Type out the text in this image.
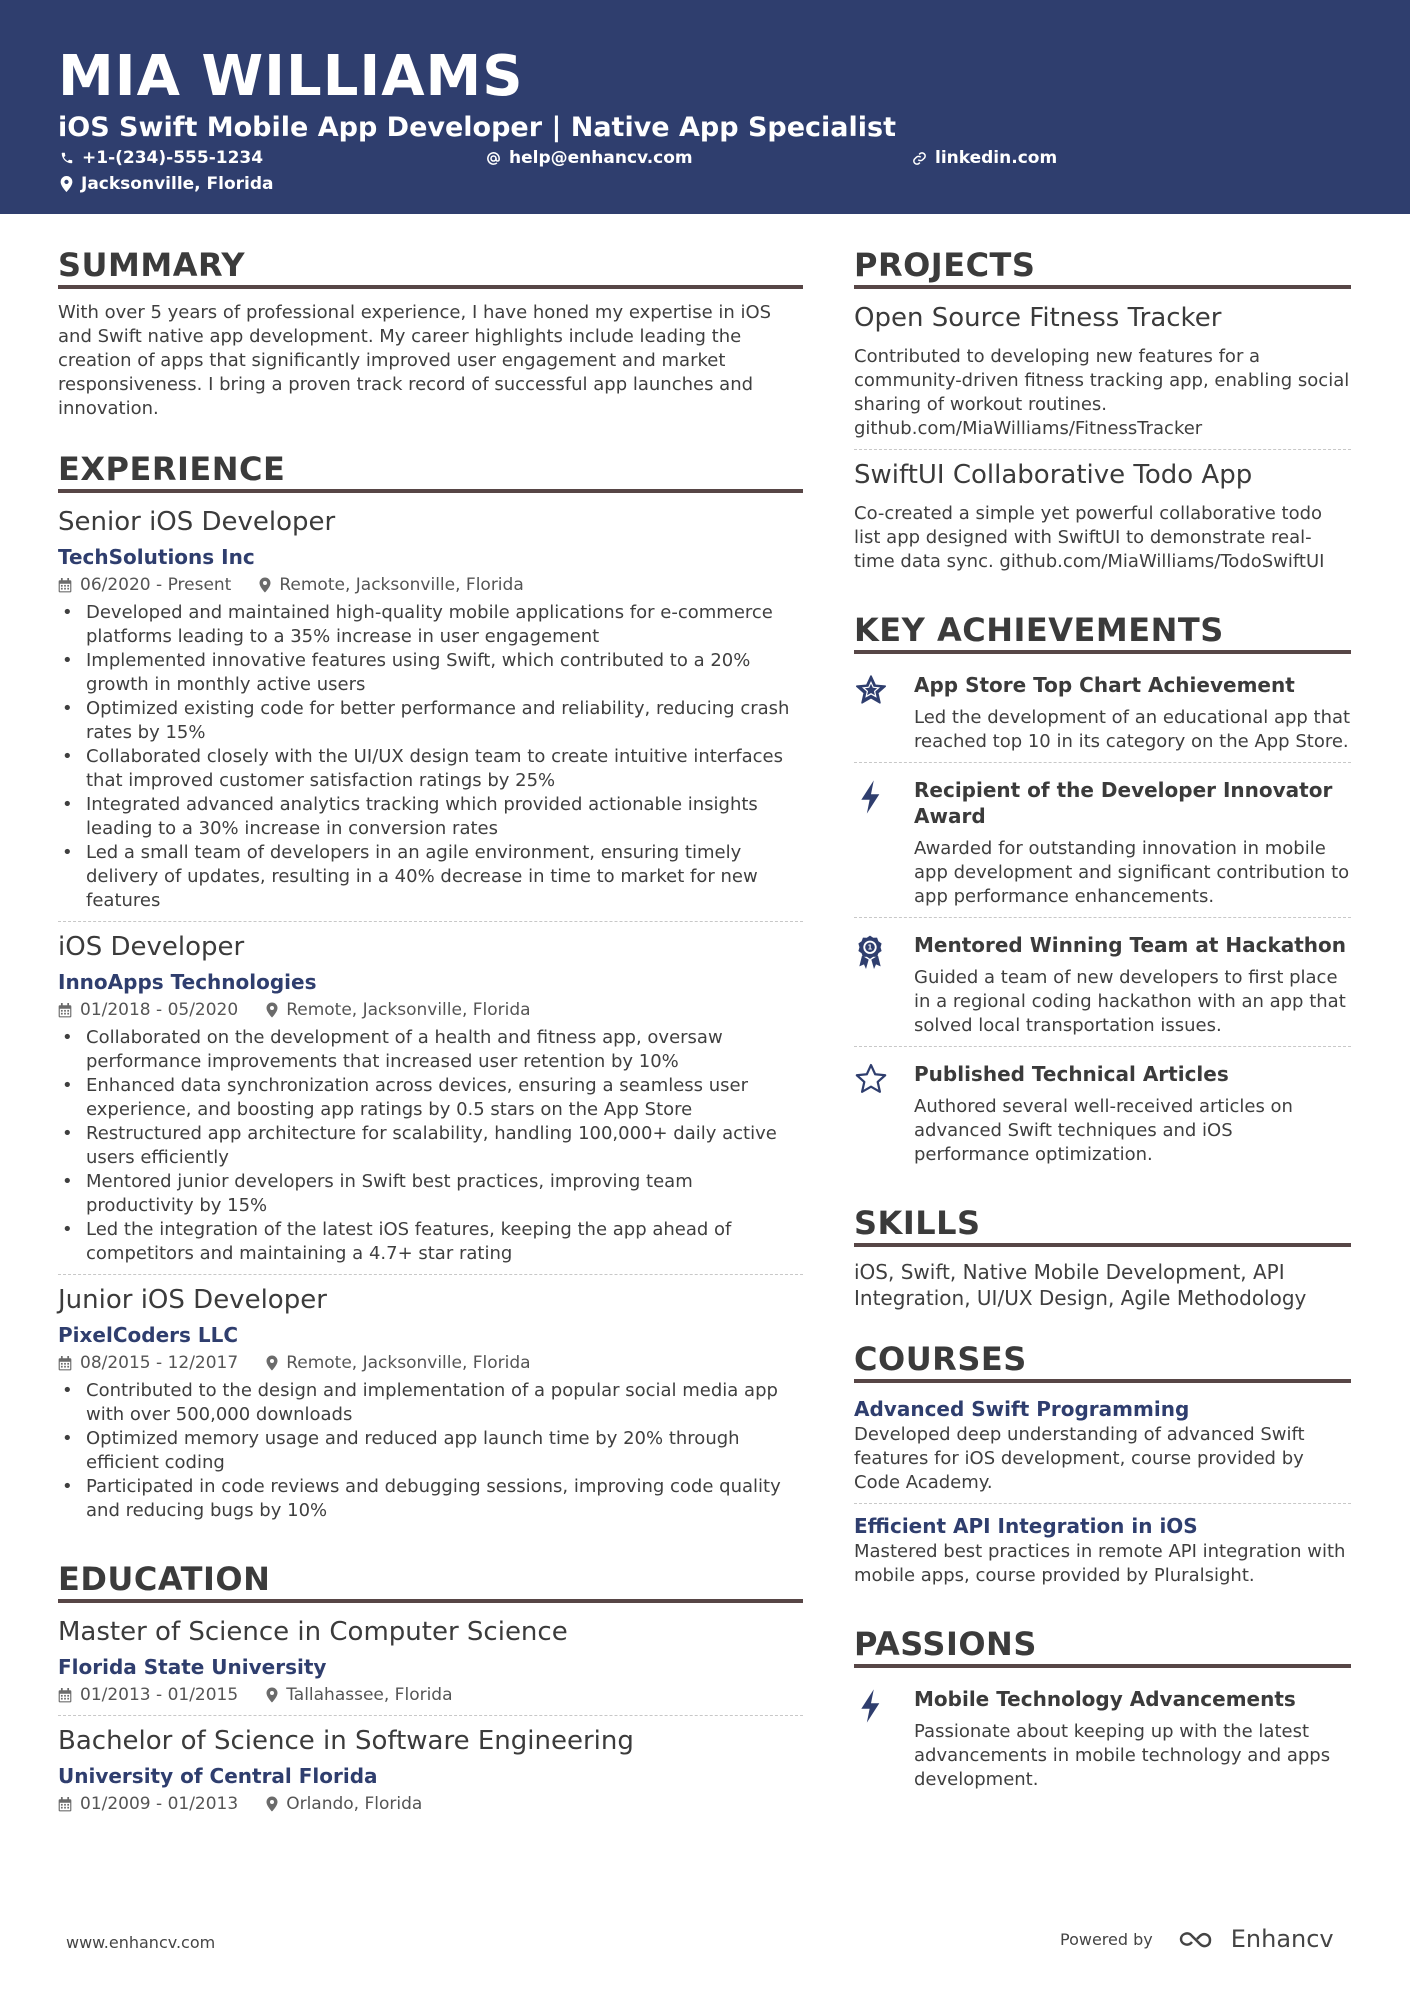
MIA WILLIAMS
iOS Swift Mobile App Developer | Native App Specialist
+1-(234)-555-1234	help@enhancv.com	linkedin.com
Jacksonville, Florida
SUMMARY
With over 5 years of professional experience, I have honed my expertise in iOS and Swift native app development. My career highlights include leading the creation of apps that significantly improved user engagement and market responsiveness. I bring a proven track record of successful app launches and innovation.
EXPERIENCE
Senior iOS Developer
TechSolutions Inc
06/2020 - Present	Remote, Jacksonville, Florida
• Developed and maintained high-quality mobile applications for e-commerce platforms leading to a 35% increase in user engagement
• Implemented innovative features using Swift, which contributed to a 20% growth in monthly active users
• Optimized existing code for better performance and reliability, reducing crash rates by 15%
• Collaborated closely with the UI/UX design team to create intuitive interfaces that improved customer satisfaction ratings by 25%
• Integrated advanced analytics tracking which provided actionable insights leading to a 30% increase in conversion rates
• Led a small team of developers in an agile environment, ensuring timely delivery of updates, resulting in a 40% decrease in time to market for new features
iOS Developer
InnoApps Technologies
01/2018 - 05/2020	Remote, Jacksonville, Florida
• Collaborated on the development of a health and fitness app, oversaw performance improvements that increased user retention by 10%
• Enhanced data synchronization across devices, ensuring a seamless user experience, and boosting app ratings by 0.5 stars on the App Store
• Restructured app architecture for scalability, handling 100,000+ daily active users efficiently
• Mentored junior developers in Swift best practices, improving team productivity by 15%
• Led the integration of the latest iOS features, keeping the app ahead of competitors and maintaining a 4.7+ star rating
Junior iOS Developer
PixelCoders LLC
08/2015 - 12/2017	Remote, Jacksonville, Florida
• Contributed to the design and implementation of a popular social media app with over 500,000 downloads
• Optimized memory usage and reduced app launch time by 20% through efficient coding
• Participated in code reviews and debugging sessions, improving code quality and reducing bugs by 10%
EDUCATION
Master of Science in Computer Science
Florida State University
01/2013 - 01/2015	Tallahassee, Florida
Bachelor of Science in Software Engineering
University of Central Florida
01/2009 - 01/2013	Orlando, Florida
PROJECTS
Open Source Fitness Tracker
Contributed to developing new features for a community-driven fitness tracking app, enabling social sharing of workout routines. github.com/MiaWilliams/FitnessTracker
SwiftUI Collaborative Todo App
Co-created a simple yet powerful collaborative todo list app designed with SwiftUI to demonstrate real-time data sync. github.com/MiaWilliams/TodoSwiftUI
KEY ACHIEVEMENTS
App Store Top Chart Achievement
Led the development of an educational app that reached top 10 in its category on the App Store.
Recipient of the Developer Innovator Award
Awarded for outstanding innovation in mobile app development and significant contribution to app performance enhancements.
1 Mentored Winning Team at Hackathon
Guided a team of new developers to first place in a regional coding hackathon with an app that solved local transportation issues.
Published Technical Articles
Authored several well-received articles on advanced Swift techniques and iOS performance optimization.
SKILLS
iOS, Swift, Native Mobile Development, API Integration, UI/UX Design, Agile Methodology
COURSES
Advanced Swift Programming
Developed deep understanding of advanced Swift features for iOS development, course provided by Code Academy.
Efficient API Integration in iOS
Mastered best practices in remote API integration with mobile apps, course provided by Pluralsight.
PASSIONS
Mobile Technology Advancements
Passionate about keeping up with the latest advancements in mobile technology and apps development.
www.enhancv.com	Powered by	Enhancv
